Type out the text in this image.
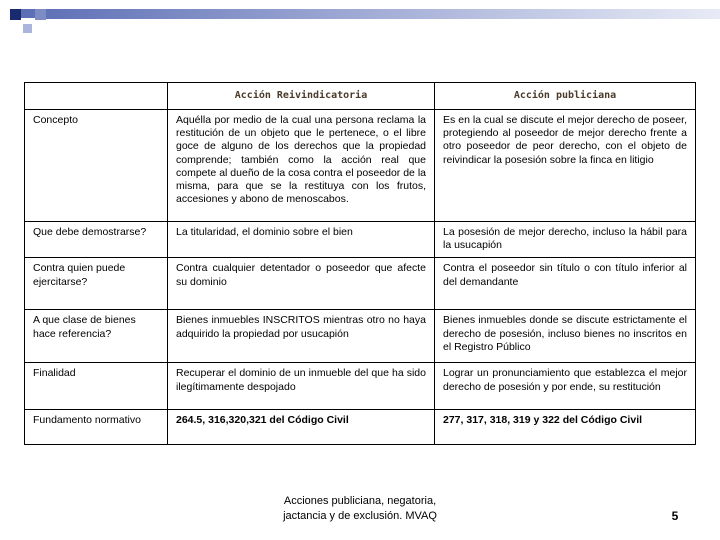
	Acción Reivindicatoria	Acción publiciana
Concepto	Aquélla por medio de la cual una persona reclama la restitución de un objeto que le pertenece, o el libre goce de alguno de los derechos que la propiedad comprende; también como la acción real que compete al dueño de la cosa contra el poseedor de la misma, para que se la restituya con los frutos, accesiones y abono de menoscabos.	Es en la cual se discute el mejor derecho de poseer, protegiendo al poseedor de mejor derecho frente a otro poseedor de peor derecho, con el objeto de reivindicar la posesión sobre la finca en litigio
Que debe demostrarse?	La titularidad, el dominio sobre el bien	La posesión de mejor derecho, incluso la hábil para la usucapión
Contra quien puede ejercitarse?	Contra cualquier detentador o poseedor que afecte su dominio	Contra el poseedor sin título o con título inferior al del demandante
A que clase de bienes hace referencia?	Bienes inmuebles INSCRITOS mientras otro no haya adquirido la propiedad por usucapión	Bienes inmuebles donde se discute estrictamente el derecho de posesión, incluso bienes no inscritos en el Registro Público
Finalidad	Recuperar el dominio de un inmueble del que ha sido ilegítimamente despojado	Lograr un pronunciamiento que establezca el mejor derecho de posesión y por ende, su restitución
Fundamento normativo	264.5, 316,320,321 del Código Civil	277, 317, 318, 319 y 322 del Código Civil
Acciones publiciana, negatoria,
jactancia y de exclusión. MVAQ	5
